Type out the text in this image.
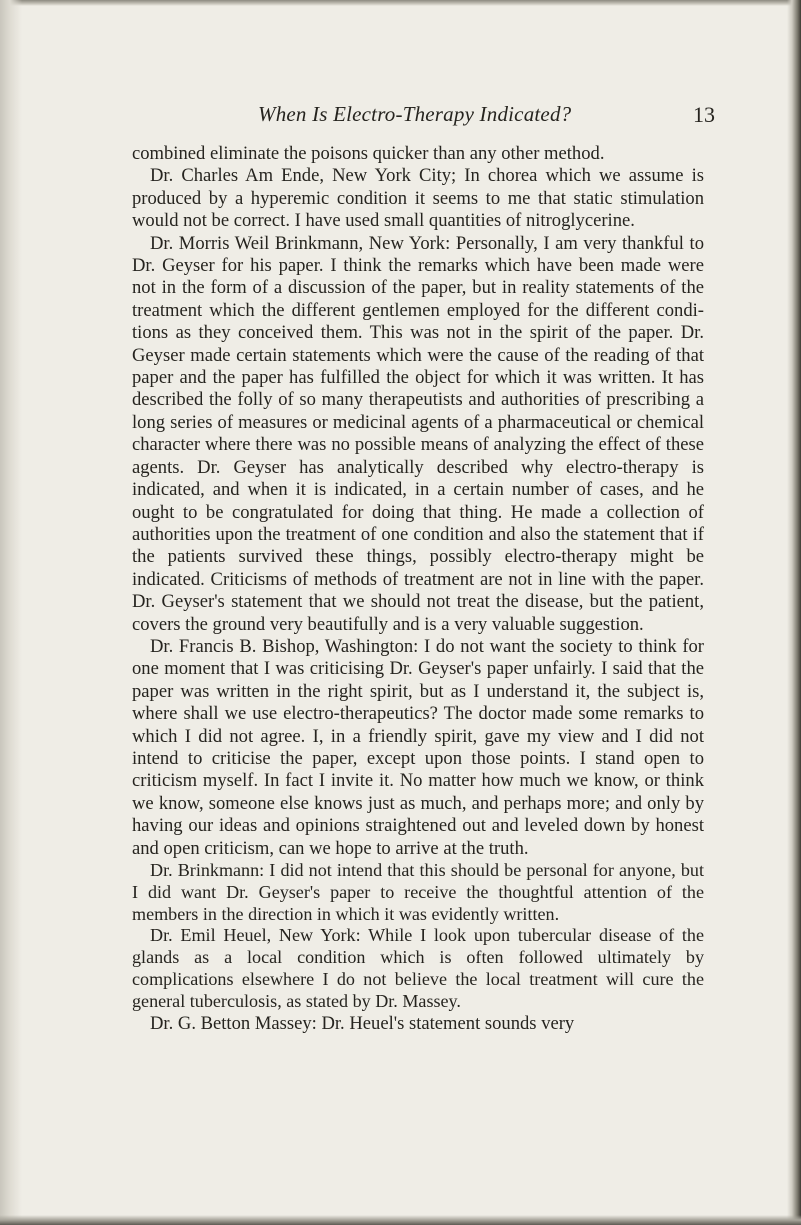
When Is Electro-Therapy Indicated?	13

combined eliminate the poisons quicker than any other method.

Dr. Charles Am Ende, New York City; In chorea which we assume is produced by a hyperemic condition it seems to me that static stimulation would not be correct. I have used small quantities of nitroglycerine.

Dr. Morris Weil Brinkmann, New York: Personally, I am very thankful to Dr. Geyser for his paper. I think the remarks which have been made were not in the form of a discussion of the paper, but in reality statements of the treatment which the different gentlemen employed for the different conditions as they conceived them. This was not in the spirit of the paper. Dr. Geyser made certain statements which were the cause of the reading of that paper and the paper has fulfilled the object for which it was written. It has described the folly of so many therapeutists and authorities of prescribing a long series of measures or medicinal agents of a pharmaceutical or chemical character where there was no possible means of analyzing the effect of these agents. Dr. Geyser has analytically described why electro-therapy is indicated, and when it is indicated, in a certain number of cases, and he ought to be congratulated for doing that thing. He made a collection of authorities upon the treatment of one condition and also the statement that if the patients survived these things, possibly electro-therapy might be indicated. Criticisms of methods of treatment are not in line with the paper. Dr. Geyser's statement that we should not treat the disease, but the patient, covers the ground very beautifully and is a very valuable suggestion.

Dr. Francis B. Bishop, Washington: I do not want the society to think for one moment that I was criticising Dr. Geyser's paper unfairly. I said that the paper was written in the right spirit, but as I understand it, the subject is, where shall we use electro-therapeutics? The doctor made some remarks to which I did not agree. I, in a friendly spirit, gave my view and I did not intend to criticise the paper, except upon those points. I stand open to criticism myself. In fact I invite it. No matter how much we know, or think we know, someone else knows just as much, and perhaps more; and only by having our ideas and opinions straightened out and leveled down by honest and open criticism, can we hope to arrive at the truth.

Dr. Brinkmann: I did not intend that this should be personal for anyone, but I did want Dr. Geyser's paper to receive the thoughtful attention of the members in the direction in which it was evidently written.

Dr. Emil Heuel, New York: While I look upon tubercular disease of the glands as a local condition which is often followed ultimately by complications elsewhere I do not believe the local treatment will cure the general tuberculosis, as stated by Dr. Massey.

Dr. G. Betton Massey: Dr. Heuel's statement sounds very
